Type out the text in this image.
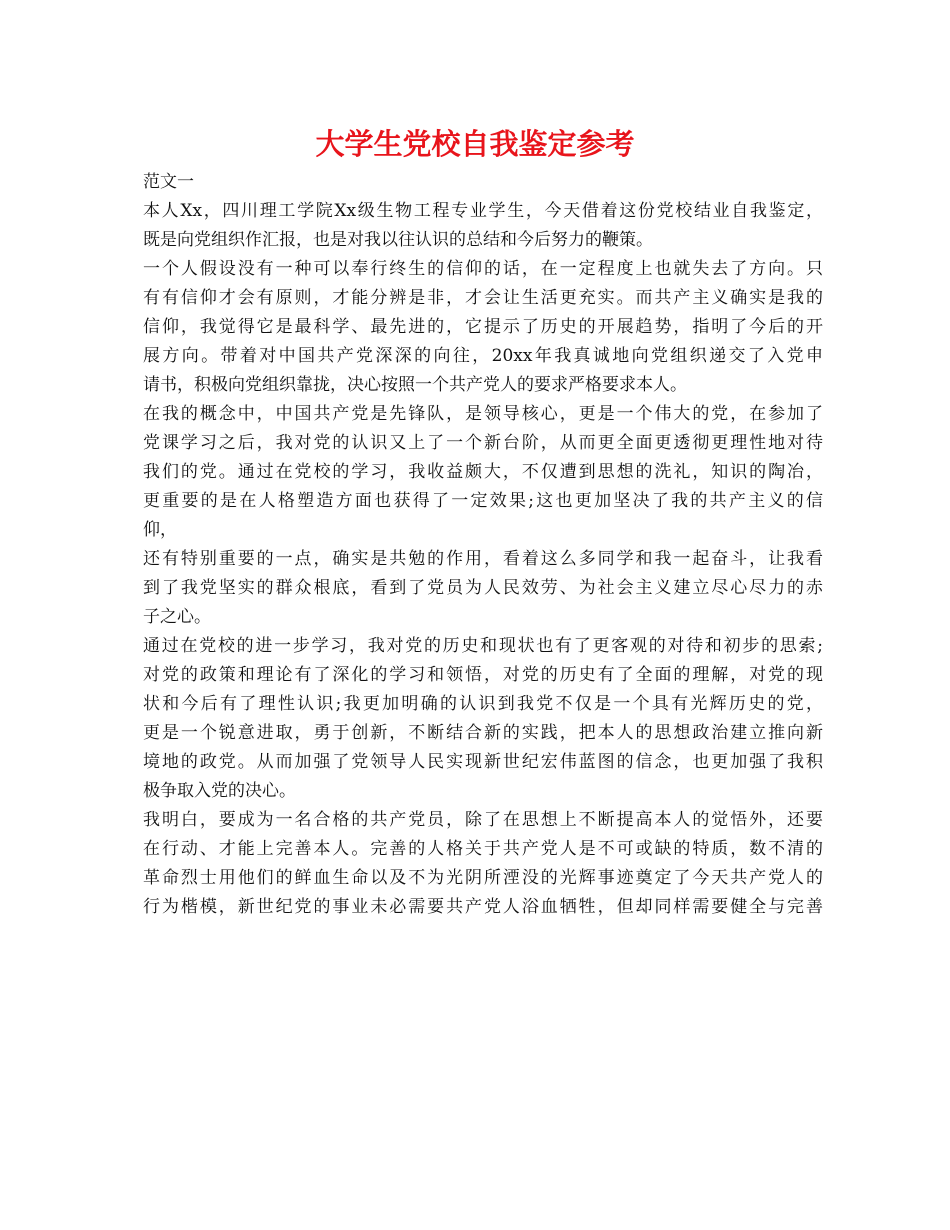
大学生党校自我鉴定参考
范文一
本人Xx，四川理工学院Xx级生物工程专业学生，今天借着这份党校结业自我鉴定，
既是向党组织作汇报，也是对我以往认识的总结和今后努力的鞭策。
一个人假设没有一种可以奉行终生的信仰的话，在一定程度上也就失去了方向。只
有有信仰才会有原则，才能分辨是非，才会让生活更充实。而共产主义确实是我的
信仰，我觉得它是最科学、最先进的，它提示了历史的开展趋势，指明了今后的开
展方向。带着对中国共产党深深的向往，20xx年我真诚地向党组织递交了入党申
请书，积极向党组织靠拢，决心按照一个共产党人的要求严格要求本人。
在我的概念中，中国共产党是先锋队，是领导核心，更是一个伟大的党，在参加了
党课学习之后，我对党的认识又上了一个新台阶，从而更全面更透彻更理性地对待
我们的党。通过在党校的学习，我收益颇大，不仅遭到思想的洗礼，知识的陶冶，
更重要的是在人格塑造方面也获得了一定效果;这也更加坚决了我的共产主义的信
仰，
还有特别重要的一点，确实是共勉的作用，看着这么多同学和我一起奋斗，让我看
到了我党坚实的群众根底，看到了党员为人民效劳、为社会主义建立尽心尽力的赤
子之心。
通过在党校的进一步学习，我对党的历史和现状也有了更客观的对待和初步的思索;
对党的政策和理论有了深化的学习和领悟，对党的历史有了全面的理解，对党的现
状和今后有了理性认识;我更加明确的认识到我党不仅是一个具有光辉历史的党，
更是一个锐意进取，勇于创新，不断结合新的实践，把本人的思想政治建立推向新
境地的政党。从而加强了党领导人民实现新世纪宏伟蓝图的信念，也更加强了我积
极争取入党的决心。
我明白，要成为一名合格的共产党员，除了在思想上不断提高本人的觉悟外，还要
在行动、才能上完善本人。完善的人格关于共产党人是不可或缺的特质，数不清的
革命烈士用他们的鲜血生命以及不为光阴所湮没的光辉事迹奠定了今天共产党人的
行为楷模，新世纪党的事业未必需要共产党人浴血牺牲，但却同样需要健全与完善
